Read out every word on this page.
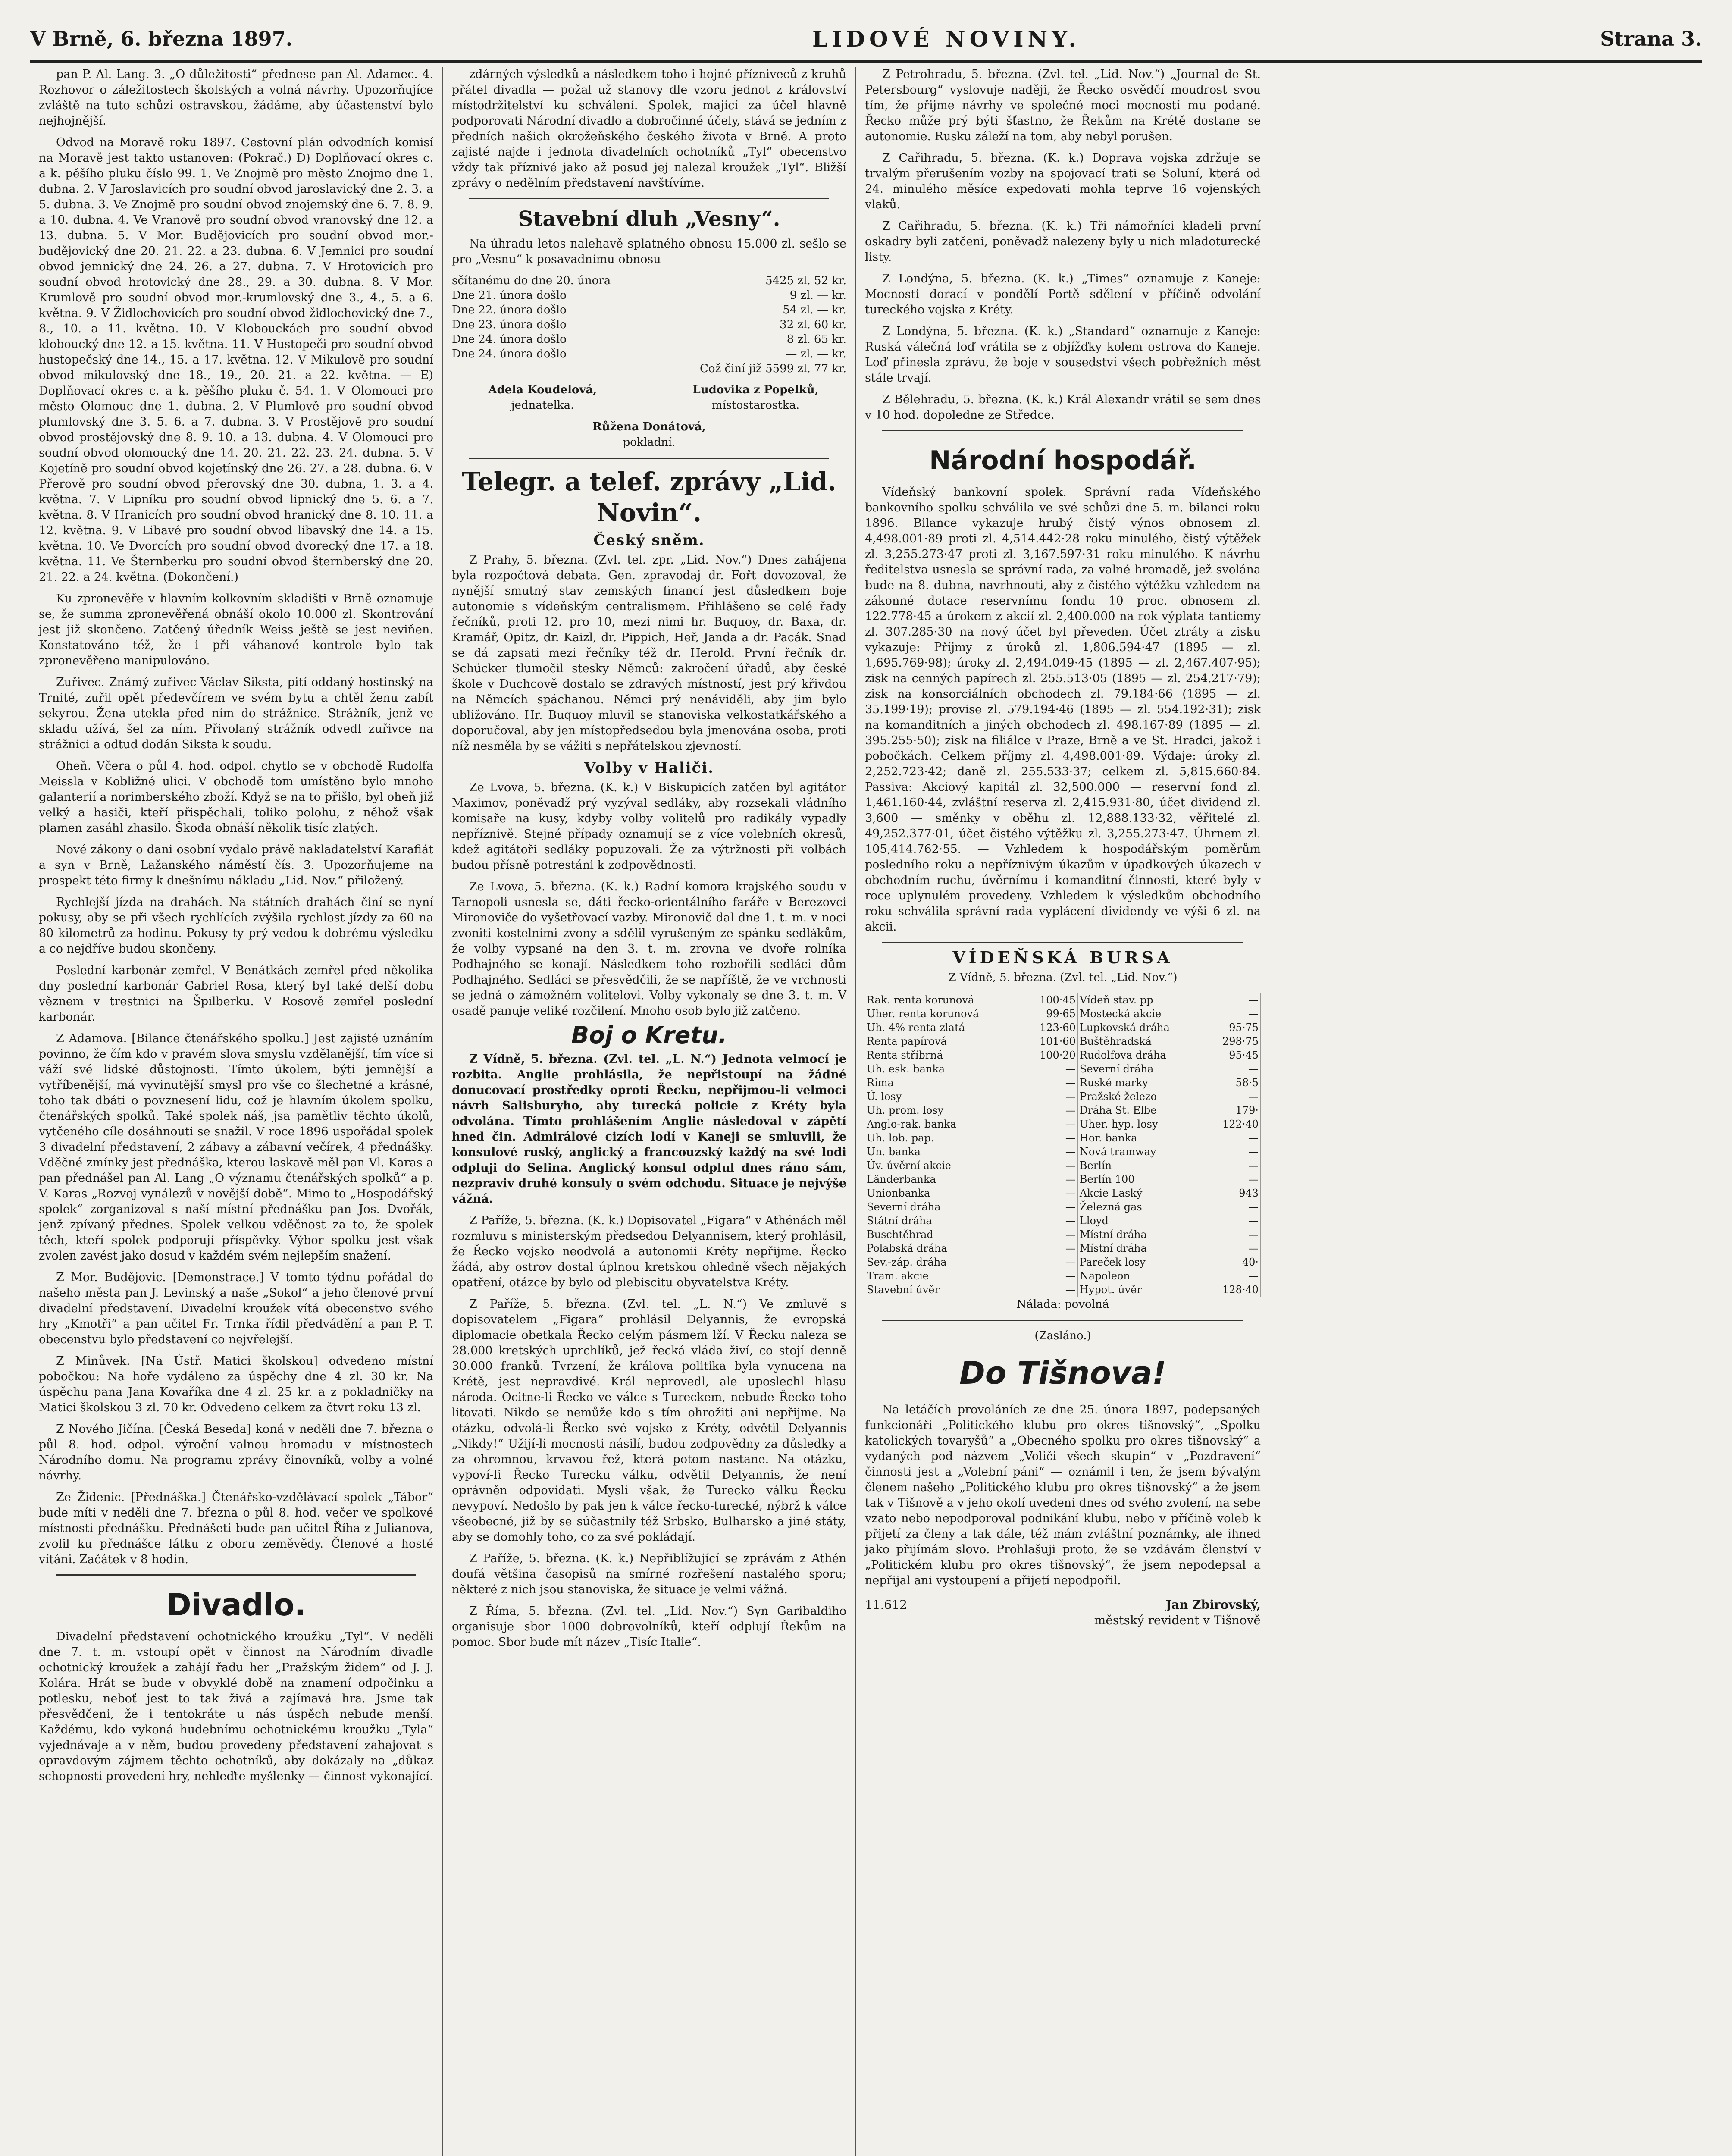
V Brně, 6. března 1897.	LIDOVÉ NOVINY.	Strana 3.

pan P. Al. Lang. 3. „O důležitosti“ přednese pan Al. Adamec. 4. Rozhovor o záležitostech školských a volná návrhy. Upozorňujíce zvláště na tuto schůzi ostravskou, žádáme, aby účastenství bylo nejhojnější.

Odvod na Moravě roku 1897. Cestovní plán odvodních komisí na Moravě jest takto ustanoven: (Pokrač.) D) Doplňovací okres c. a k. pěšího pluku číslo 99. 1. Ve Znojmě pro město Znojmo dne 1. dubna. 2. V Jaroslavicích pro soudní obvod jaroslavický dne 2. 3. a 5. dubna. 3. Ve Znojmě pro soudní obvod znojemský dne 6. 7. 8. 9. a 10. dubna. 4. Ve Vranově pro soudní obvod vranovský dne 12. a 13. dubna. 5. V Mor. Budějovicích pro soudní obvod mor.-budějovický dne 20. 21. 22. a 23. dubna. 6. V Jemnici pro soudní obvod jemnický dne 24. 26. a 27. dubna. 7. V Hrotovicích pro soudní obvod hrotovický dne 28., 29. a 30. dubna. 8. V Mor. Krumlově pro soudní obvod mor.-krumlovský dne 3., 4., 5. a 6. května. 9. V Židlochovicích pro soudní obvod židlochovický dne 7., 8., 10. a 11. května. 10. V Klobouckách pro soudní obvod kloboucký dne 12. a 15. května. 11. V Hustopeči pro soudní obvod hustopečský dne 14., 15. a 17. května. 12. V Mikulově pro soudní obvod mikulovský dne 18., 19., 20. 21. a 22. května. — E) Doplňovací okres c. a k. pěšího pluku č. 54. 1. V Olomouci pro město Olomouc dne 1. dubna. 2. V Plumlově pro soudní obvod plumlovský dne 3. 5. 6. a 7. dubna. 3. V Prostějově pro soudní obvod prostějovský dne 8. 9. 10. a 13. dubna. 4. V Olomouci pro soudní obvod olomoucký dne 14. 20. 21. 22. 23. 24. dubna. 5. V Kojetíně pro soudní obvod kojetínský dne 26. 27. a 28. dubna. 6. V Přerově pro soudní obvod přerovský dne 30. dubna, 1. 3. a 4. května. 7. V Lipníku pro soudní obvod lipnický dne 5. 6. a 7. května. 8. V Hranicích pro soudní obvod hranický dne 8. 10. 11. a 12. května. 9. V Libavé pro soudní obvod libavský dne 14. a 15. května. 10. Ve Dvorcích pro soudní obvod dvorecký dne 17. a 18. května. 11. Ve Šternberku pro soudní obvod šternberský dne 20. 21. 22. a 24. května. (Dokončení.)

Ku zpronevěře v hlavním kolkovním skladišti v Brně oznamuje se, že summa zpronevěřená obnáší okolo 10.000 zl. Skontrování jest již skončeno. Zatčený úředník Weiss ještě se jest neviňen. Konstatováno též, že i při váhanové kontrole bylo tak zpronevěřeno manipulováno.

Zuřivec. Známý zuřivec Václav Siksta, pití oddaný hostinský na Trnité, zuřil opět předevčírem ve svém bytu a chtěl ženu zabít sekyrou. Žena utekla před ním do strážnice. Strážník, jenž ve skladu užívá, šel za ním. Přivolaný strážník odvedl zuřivce na strážnici a odtud dodán Siksta k soudu.

Oheň. Včera o půl 4. hod. odpol. chytlo se v obchodě Rudolfa Meissla v Kobližné ulici. V obchodě tom umístěno bylo mnoho galanterií a norimberského zboží. Když se na to přišlo, byl oheň již velký a hasiči, kteří přispěchali, toliko polohu, z něhož však plamen zasáhl zhasilo. Škoda obnáší několik tisíc zlatých.

Nové zákony o dani osobní vydalo právě nakladatelství Karafiát a syn v Brně, Lažanského náměstí čís. 3. Upozorňujeme na prospekt této firmy k dnešnímu nákladu „Lid. Nov.“ přiložený.

Rychlejší jízda na drahách. Na státních drahách činí se nyní pokusy, aby se při všech rychlících zvýšila rychlost jízdy za 60 na 80 kilometrů za hodinu. Pokusy ty prý vedou k dobrému výsledku a co nejdříve budou skončeny.

Poslední karbonár zemřel. V Benátkách zemřel před několika dny poslední karbonár Gabriel Rosa, který byl také delší dobu věznem v trestnici na Špilberku. V Rosově zemřel poslední karbonár.

Z Adamova. [Bilance čtenářského spolku.] Jest zajisté uznáním povinno, že čím kdo v pravém slova smyslu vzdělanější, tím více si váží své lidské důstojnosti. Tímto úkolem, býti jemnější a vytříbenější, má vyvinutější smysl pro vše co šlechetné a krásné, toho tak dbáti o povznesení lidu, což je hlavním úkolem spolku, čtenářských spolků. Také spolek náš, jsa pamětliv těchto úkolů, vytčeného cíle dosáhnouti se snažil. V roce 1896 uspořádal spolek 3 divadelní představení, 2 zábavy a zábavní večírek, 4 přednášky. Vděčné zmínky jest přednáška, kterou laskavě měl pan Vl. Karas a pan přednášel pan Al. Lang „O významu čtenářských spolků“ a p. V. Karas „Rozvoj vynálezů v novější době“. Mimo to „Hospodářský spolek“ zorganizoval s naší místní přednášku pan Jos. Dvořák, jenž zpívaný přednes. Spolek velkou vděčnost za to, že spolek těch, kteří spolek podporují příspěvky. Výbor spolku jest však zvolen zavést jako dosud v každém svém nejlepším snažení.

Z Mor. Budějovic. [Demonstrace.] V tomto týdnu pořádal do našeho města pan J. Levinský a naše „Sokol“ a jeho členové první divadelní představení. Divadelní kroužek vítá obecenstvo svého hry „Kmotři“ a pan učitel Fr. Trnka řídil předvádění a pan P. T. obecenstvu bylo představení co nejvřelejší.

Z Minůvek. [Na Ústř. Matici školskou] odvedeno místní pobočkou: Na hoře vydáleno za úspěchy dne 4 zl. 30 kr. Na úspěchu pana Jana Kovaříka dne 4 zl. 25 kr. a z pokladničky na Matici školskou 3 zl. 70 kr. Odvedeno celkem za čtvrt roku 13 zl.

Z Nového Jičína. [Česká Beseda] koná v neděli dne 7. března o půl 8. hod. odpol. výroční valnou hromadu v místnostech Národního domu. Na programu zprávy činovníků, volby a volné návrhy.

Ze Židenic. [Přednáška.] Čtenářsko-vzdělávací spolek „Tábor“ bude míti v neděli dne 7. března o půl 8. hod. večer ve spolkové místnosti přednášku. Přednášeti bude pan učitel Říha z Julianova, zvolil ku přednášce látku z oboru zeměvědy. Členové a hosté vítáni. Začátek v 8 hodin.

Divadlo.

Divadelní představení ochotnického kroužku „Tyl“. V neděli dne 7. t. m. vstoupí opět v činnost na Národním divadle ochotnický kroužek a zahájí řadu her „Pražským židem“ od J. J. Kolára. Hrát se bude v obvyklé době na znamení odpočinku a potlesku, neboť jest to tak živá a zajímavá hra. Jsme tak přesvědčeni, že i tentokráte u nás úspěch nebude menší. Každému, kdo vykoná hudebnímu ochotnickému kroužku „Tyla“ vyjednávaje a v něm, budou provedeny představení zahajovat s opravdovým zájmem těchto ochotníků, aby dokázaly na „důkaz schopnosti provedení hry, nehleďte myšlenky — činnost vykonající.

zdárných výsledků a následkem toho i hojné přízniveců z kruhů přátel divadla — požal už stanovy dle vzoru jednot z království místodržitelství ku schválení. Spolek, mající za účel hlavně podporovati Národní divadlo a dobročinné účely, stává se jedním z předních našich okrožeňského českého života v Brně. A proto zajisté najde i jednota divadelních ochotníků „Tyl“ obecenstvo vždy tak příznivé jako až posud jej nalezal kroužek „Tyl“. Bližší zprávy o nedělním představení navštívíme.

Stavební dluh „Vesny“.

Na úhradu letos nalehavě splatného obnosu 15.000 zl. sešlo se pro „Vesnu“ k posavadnímu obnosu

sčítanému do dne 20. února	5425 zl. 52 kr.
Dne 21. února došlo	9 zl. — kr.
Dne 22. února došlo	54 zl. — kr.
Dne 23. února došlo	32 zl. 60 kr.
Dne 24. února došlo	8 zl. 65 kr.
Dne 24. února došlo	— zl. — kr.
Což činí již 5599 zl. 77 kr.
Adela Koudelová,
jednatelka.
Ludovika z Popelků,
místostarostka.
Růžena Donátová,
pokladní.
Telegr. a telef. zprávy „Lid. Novin“.
Český sněm.

Z Prahy, 5. března. (Zvl. tel. zpr. „Lid. Nov.“) Dnes zahájena byla rozpočtová debata. Gen. zpravodaj dr. Fořt dovozoval, že nynější smutný stav zemských financí jest důsledkem boje autonomie s vídeňským centralismem. Přihlášeno se celé řady řečníků, proti 12. pro 10, mezi nimi hr. Buquoy, dr. Baxa, dr. Kramář, Opitz, dr. Kaizl, dr. Pippich, Heř, Janda a dr. Pacák. Snad se dá zapsati mezi řečníky též dr. Herold. První řečník dr. Schücker tlumočil stesky Němců: zakročení úřadů, aby české škole v Duchcově dostalo se zdravých místností, jest prý křivdou na Němcích spáchanou. Němci prý nenáviděli, aby jim bylo ubližováno. Hr. Buquoy mluvil se stanoviska velkostatkářského a doporučoval, aby jen místopředsedou byla jmenována osoba, proti níž nesměla by se vážiti s nepřátelskou zjevností.

Volby v Haliči.

Ze Lvova, 5. března. (K. k.) V Biskupicích zatčen byl agitátor Maximov, poněvadž prý vyzýval sedláky, aby rozsekali vládního komisaře na kusy, kdyby volby volitelů pro radikály vypadly nepříznivě. Stejné případy oznamují se z více volebních okresů, kdež agitátoři sedláky popuzovali. Že za výtržnosti při volbách budou přísně potrestáni k zodpovědnosti.

Ze Lvova, 5. března. (K. k.) Radní komora krajského soudu v Tarnopoli usnesla se, dáti řecko-orientálního faráře v Berezovci Mironoviče do vyšetřovací vazby. Mironovič dal dne 1. t. m. v noci zvoniti kostelními zvony a sdělil vyrušeným ze spánku sedlákům, že volby vypsané na den 3. t. m. zrovna ve dvoře rolníka Podhajného se konají. Následkem toho rozbořili sedláci dům Podhajného. Sedláci se přesvědčili, že se napříště, že ve vrchnosti se jedná o zámožném volitelovi. Volby vykonaly se dne 3. t. m. V osadě panuje veliké rozčilení. Mnoho osob bylo již zatčeno.

Boj o Kretu.

Z Vídně, 5. března. (Zvl. tel. „L. N.“) Jednota velmocí je rozbita. Anglie prohlásila, že nepřistoupí na žádné donucovací prostředky oproti Řecku, nepřijmou-li velmoci návrh Salisburyho, aby turecká policie z Kréty byla odvolána. Tímto prohlášením Anglie následoval v zápětí hned čin. Admirálové cizích lodí v Kaneji se smluvili, že konsulové ruský, anglický a francouzský každý na své lodi odpluji do Selina. Anglický konsul odplul dnes ráno sám, nezpraviv druhé konsuly o svém odchodu. Situace je nejvýše vážná.

Z Paříže, 5. března. (K. k.) Dopisovatel „Figara“ v Athénách měl rozmluvu s ministerským předsedou Delyannisem, který prohlásil, že Řecko vojsko neodvolá a autonomii Kréty nepřijme. Řecko žádá, aby ostrov dostal úplnou kretskou ohledně všech nějakých opatření, otázce by bylo od plebiscitu obyvatelstva Kréty.

Z Paříže, 5. března. (Zvl. tel. „L. N.“) Ve zmluvě s dopisovatelem „Figara“ prohlásil Delyannis, že evropská diplomacie obetkala Řecko celým pásmem lží. V Řecku naleza se 28.000 kretských uprchlíků, jež řecká vláda živí, co stojí denně 30.000 franků. Tvrzení, že králova politika byla vynucena na Krétě, jest nepravdivé. Král neprovedl, ale uposlechl hlasu národa. Ocitne-li Řecko ve válce s Tureckem, nebude Řecko toho litovati. Nikdo se nemůže kdo s tím ohrožiti ani nepřijme. Na otázku, odvolá-li Řecko své vojsko z Kréty, odvětil Delyannis „Nikdy!“ Užijí-li mocnosti násilí, budou zodpovědny za důsledky a za ohromnou, krvavou řež, která potom nastane. Na otázku, vypoví-li Řecko Turecku válku, odvětil Delyannis, že není oprávněn odpovídati. Mysli však, že Turecko válku Řecku nevypoví. Nedošlo by pak jen k válce řecko-turecké, nýbrž k válce všeobecné, již by se súčastnily též Srbsko, Bulharsko a jiné státy, aby se domohly toho, co za své pokládají.

Z Paříže, 5. března. (K. k.) Nepřiblížující se zprávám z Athén doufá většina časopisů na smírné rozřešení nastalého sporu; některé z nich jsou stanoviska, že situace je velmi vážná.

Z Říma, 5. března. (Zvl. tel. „Lid. Nov.“) Syn Garibaldiho organisuje sbor 1000 dobrovolníků, kteří odplují Řekům na pomoc. Sbor bude mít název „Tisíc Italie“.

Z Petrohradu, 5. března. (Zvl. tel. „Lid. Nov.“) „Journal de St. Petersbourg“ vyslovuje naději, že Řecko osvědčí moudrost svou tím, že přijme návrhy ve společné moci mocností mu podané. Řecko může prý býti šťastno, že Řekům na Krétě dostane se autonomie. Rusku záleží na tom, aby nebyl porušen.

Z Cařihradu, 5. března. (K. k.) Doprava vojska zdržuje se trvalým přerušením vozby na spojovací trati se Soluní, která od 24. minulého měsíce expedovati mohla teprve 16 vojenských vlaků.

Z Cařihradu, 5. března. (K. k.) Tři námořníci kladeli první oskadry byli zatčeni, poněvadž nalezeny byly u nich mladoturecké listy.

Z Londýna, 5. března. (K. k.) „Times“ oznamuje z Kaneje: Mocnosti dorací v pondělí Portě sdělení v příčině odvolání tureckého vojska z Kréty.

Z Londýna, 5. března. (K. k.) „Standard“ oznamuje z Kaneje: Ruská válečná loď vrátila se z objížďky kolem ostrova do Kaneje. Loď přinesla zprávu, že boje v sousedství všech pobřežních měst stále trvají.

Z Bělehradu, 5. března. (K. k.) Král Alexandr vrátil se sem dnes v 10 hod. dopoledne ze Středce.

Národní hospodář.

Vídeňský bankovní spolek. Správní rada Vídeňského bankovního spolku schválila ve své schůzi dne 5. m. bilanci roku 1896. Bilance vykazuje hrubý čistý výnos obnosem zl. 4,498.001·89 proti zl. 4,514.442·28 roku minulého, čistý výtěžek zl. 3,255.273·47 proti zl. 3,167.597·31 roku minulého. K návrhu ředitelstva usnesla se správní rada, za valné hromadě, jež svolána bude na 8. dubna, navrhnouti, aby z čistého výtěžku vzhledem na zákonné dotace reservnímu fondu 10 proc. obnosem zl. 122.778·45 a úrokem z akcií zl. 2,400.000 na rok výplata tantiemy zl. 307.285·30 na nový účet byl převeden. Účet ztráty a zisku vykazuje: Příjmy z úroků zl. 1,806.594·47 (1895 — zl. 1,695.769·98); úroky zl. 2,494.049·45 (1895 — zl. 2,467.407·95); zisk na cenných papírech zl. 255.513·05 (1895 — zl. 254.217·79); zisk na konsorciálních obchodech zl. 79.184·66 (1895 — zl. 35.199·19); provise zl. 579.194·46 (1895 — zl. 554.192·31); zisk na komanditních a jiných obchodech zl. 498.167·89 (1895 — zl. 395.255·50); zisk na filiálce v Praze, Brně a ve St. Hradci, jakož i pobočkách. Celkem příjmy zl. 4,498.001·89. Výdaje: úroky zl. 2,252.723·42; daně zl. 255.533·37; celkem zl. 5,815.660·84. Passiva: Akciový kapitál zl. 32,500.000 — reservní fond zl. 1,461.160·44, zvláštní reserva zl. 2,415.931·80, účet dividend zl. 3,600 — směnky v oběhu zl. 12,888.133·32, věřitelé zl. 49,252.377·01, účet čistého výtěžku zl. 3,255.273·47. Úhrnem zl. 105,414.762·55. — Vzhledem k hospodářským poměrům posledního roku a nepříznivým úkazům v úpadkových úkazech v obchodním ruchu, úvěrnímu i komanditní činnosti, které byly v roce uplynulém provedeny. Vzhledem k výsledkům obchodního roku schválila správní rada vyplácení dividendy ve výši 6 zl. na akcii.

VÍDEŇSKÁ BURSA
Z Vídně, 5. března. (Zvl. tel. „Lid. Nov.“)
Rak. renta korunová	100·45	Vídeň stav. pp	—
Uher. renta korunová	99·65	Mostecká akcie	—
Uh. 4% renta zlatá	123·60	Lupkovská dráha	95·75
Renta papírová	101·60	Buštěhradská	298·75
Renta stříbrná	100·20	Rudolfova dráha	95·45
Uh. esk. banka	—	Severní dráha	—
Rima	—	Ruské marky	58·5
Ú. losy	—	Pražské železo	—
Uh. prom. losy	—	Dráha St. Elbe	179·
Anglo-rak. banka	—	Uher. hyp. losy	122·40
Uh. lob. pap.	—	Hor. banka	—
Un. banka	—	Nová tramway	—
Úv. úvěrní akcie	—	Berlín	—
Länderbanka	—	Berlín 100	—
Unionbanka	—	Akcie Laský	943
Severní dráha	—	Železná gas	—
Státní dráha	—	Lloyd	—
Buschtěhrad	—	Místní dráha	—
Polabská dráha	—	Místní dráha	—
Sev.-záp. dráha	—	Pareček losy	40·
Tram. akcie	—	Napoleon	—
Stavební úvěr	—	Hypot. úvěr	128·40
Nálada: povolná
(Zasláno.)
Do Tišnova!

Na letáčích provoláních ze dne 25. února 1897, podepsaných funkcionáři „Politického klubu pro okres tišnovský“, „Spolku katolických tovaryšů“ a „Obecného spolku pro okres tišnovský“ a vydaných pod názvem „Voliči všech skupin“ v „Pozdravení“ činnosti jest a „Volební páni“ — oznámil i ten, že jsem bývalým členem našeho „Politického klubu pro okres tišnovský“ a že jsem tak v Tišnově a v jeho okolí uvedeni dnes od svého zvolení, na sebe vzato nebo nepodporoval podnikání klubu, nebo v příčině voleb k přijetí za členy a tak dále, též mám zvláštní poznámky, ale ihned jako přijímám slovo. Prohlašuji proto, že se vzdávám členství v „Politickém klubu pro okres tišnovský“, že jsem nepodepsal a nepřijal ani vystoupení a přijetí nepodpořil.

11.612	Jan Zbirovský,
městský revident v Tišnově
